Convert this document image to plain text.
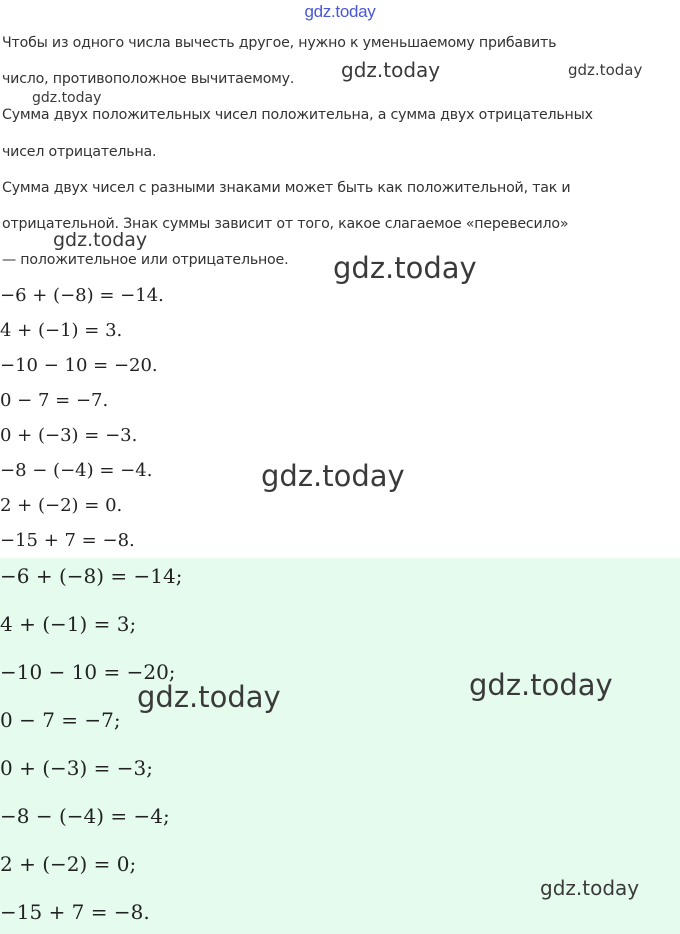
gdz.today
Чтобы из одного числа вычесть другое, нужно к уменьшаемому прибавить
число, противоположное вычитаемому.
Сумма двух положительных чисел положительна, а сумма двух отрицательных
чисел отрицательна.
Сумма двух чисел с разными знаками может быть как положительной, так и
отрицательной. Знак суммы зависит от того, какое слагаемое «перевесило»
— положительное или отрицательное.
−6 + (−8) = −14.
4 + (−1) = 3.
−10 − 10 = −20.
0 − 7 = −7.
0 + (−3) = −3.
−8 − (−4) = −4.
2 + (−2) = 0.
−15 + 7 = −8.
−6 + (−8) = −14;
4 + (−1) = 3;
−10 − 10 = −20;
0 − 7 = −7;
0 + (−3) = −3;
−8 − (−4) = −4;
2 + (−2) = 0;
−15 + 7 = −8.
gdz.today	gdz.today
gdz.today
gdz.today
gdz.today
gdz.today
gdz.today
gdz.today
gdz.today
